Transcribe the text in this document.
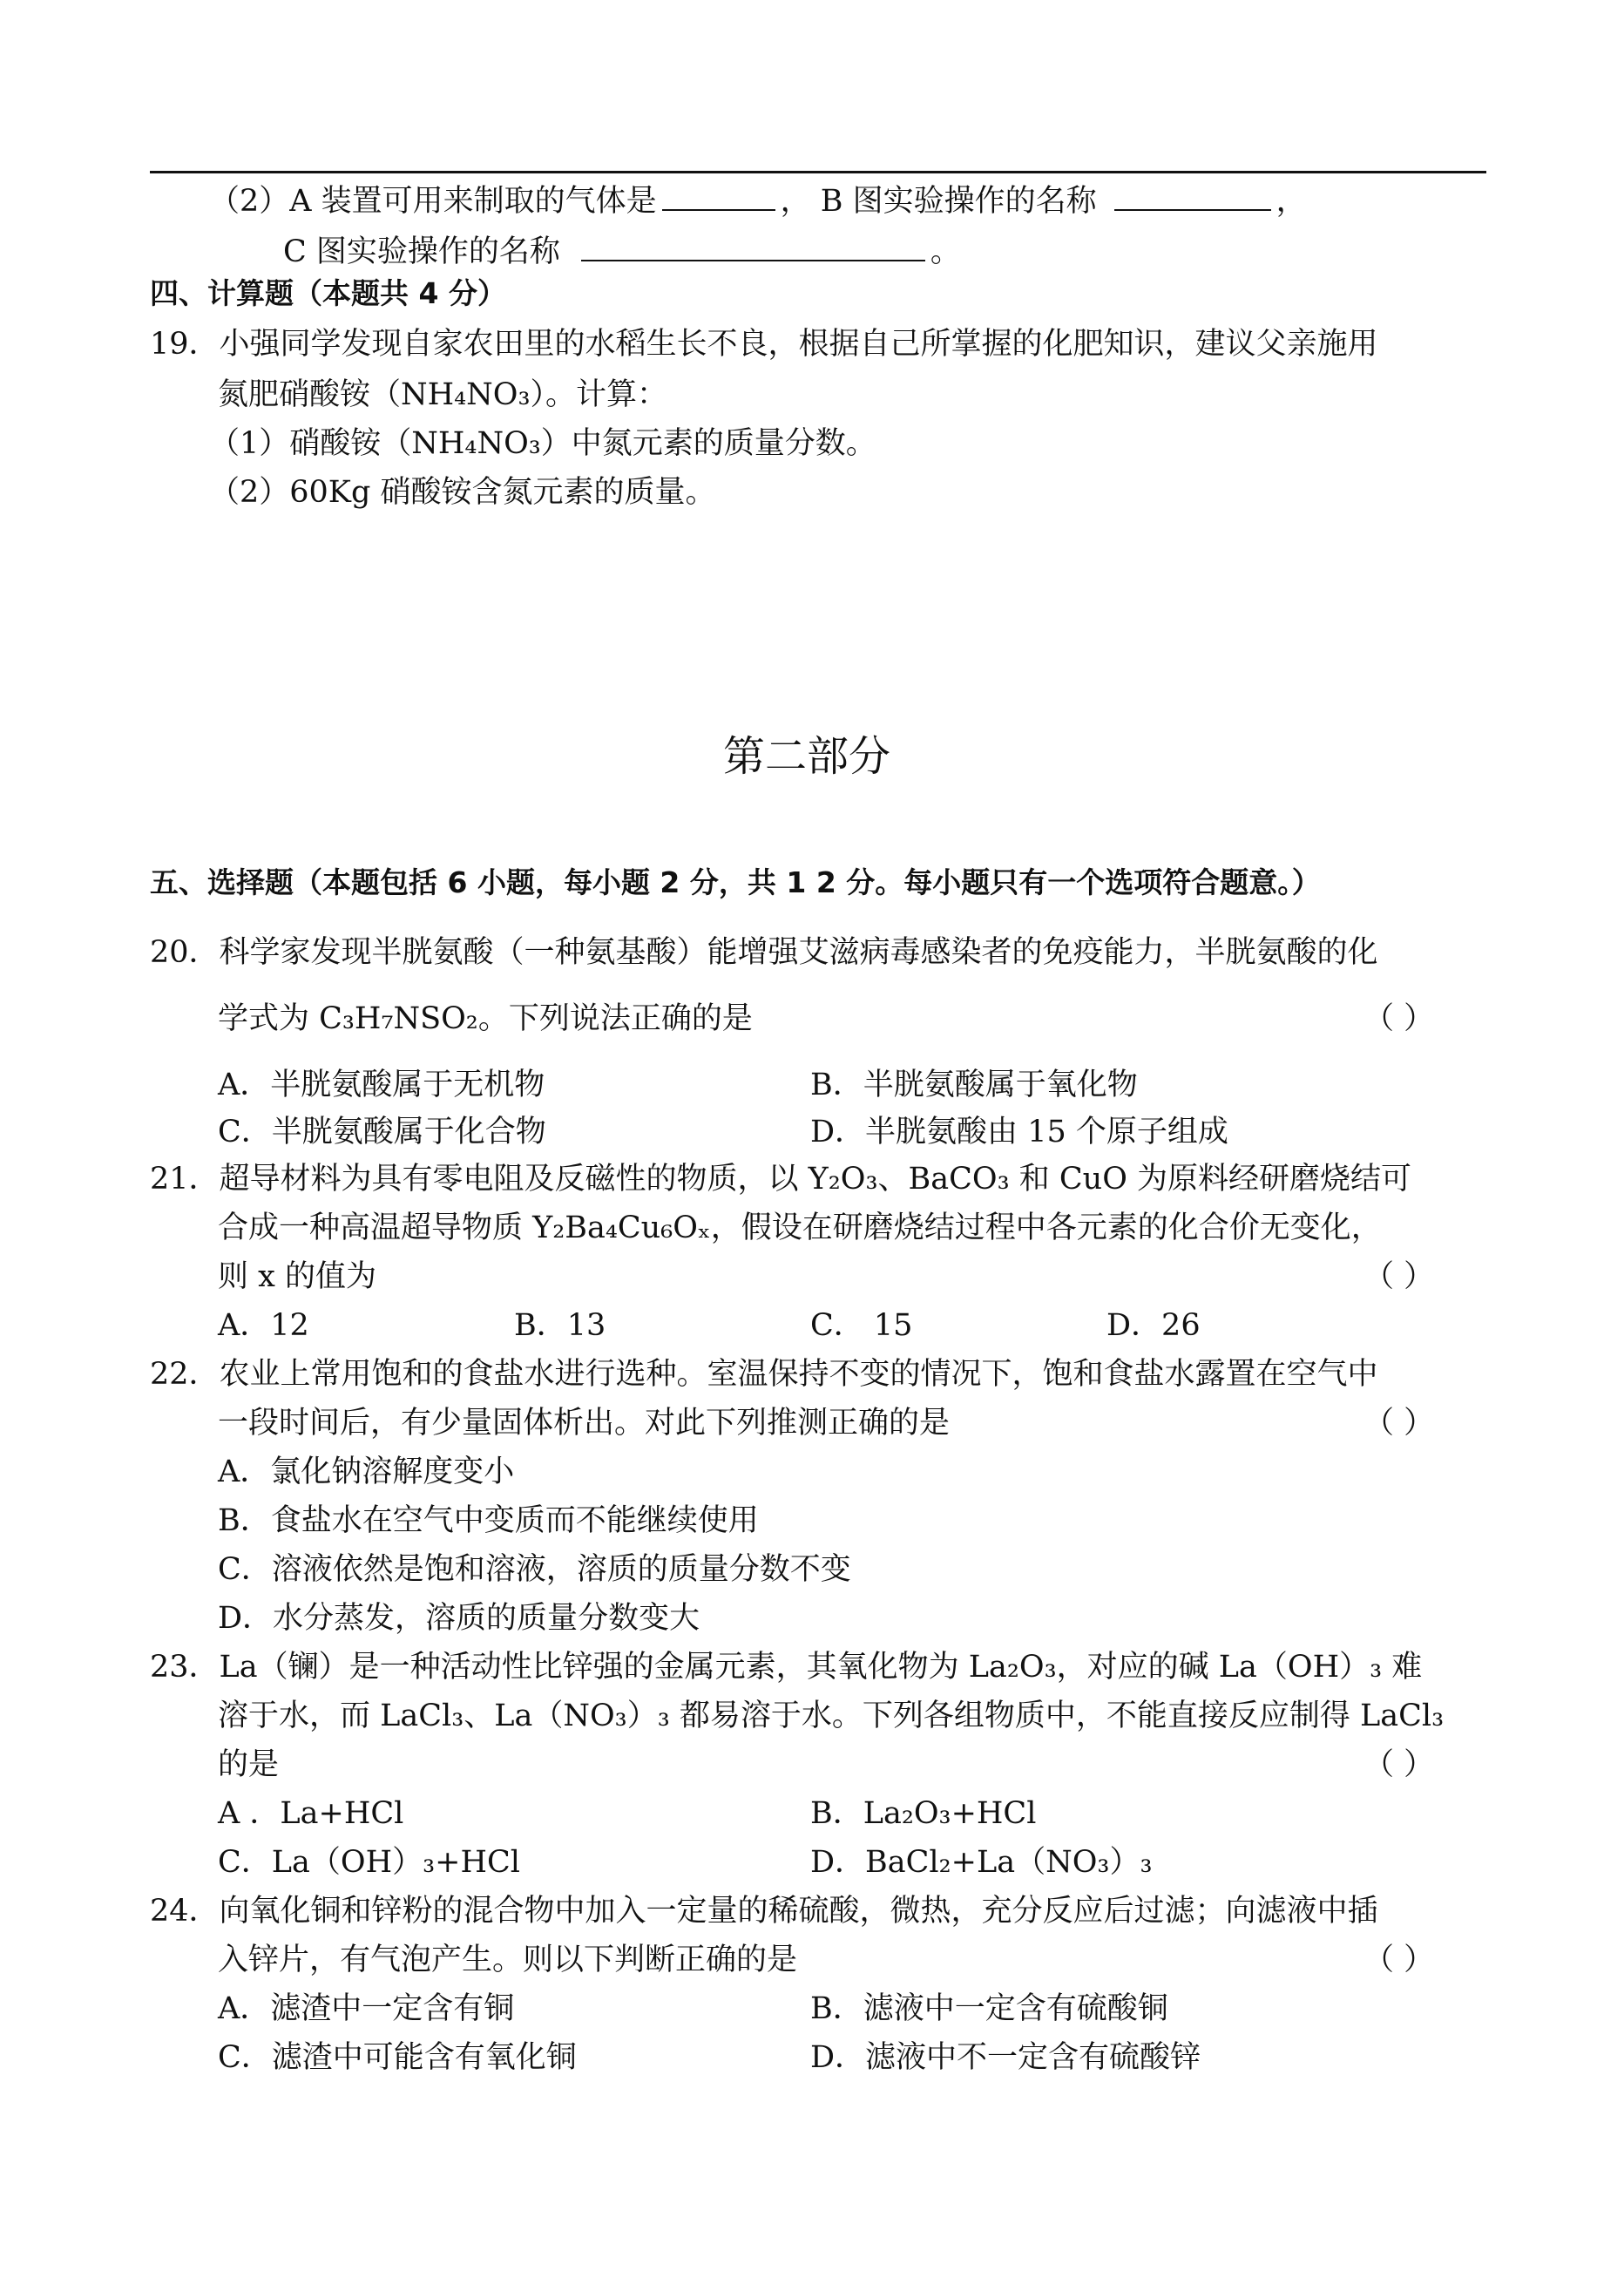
（2）A 装置可用来制取的气体是	， B 图实验操作的名称	，
C 图实验操作的名称	。
四、计算题（本题共 4 分）
19．小强同学发现自家农田里的水稻生长不良，根据自己所掌握的化肥知识，建议父亲施用
氮肥硝酸铵（NH₄NO₃）。计算：
（1）硝酸铵（NH₄NO₃）中氮元素的质量分数。
（2）60Kg 硝酸铵含氮元素的质量。
第二部分
五、选择题（本题包括 6 小题，每小题 2 分，共 1 2 分。每小题只有一个选项符合题意。）
20．科学家发现半胱氨酸（一种氨基酸）能增强艾滋病毒感染者的免疫能力，半胱氨酸的化
学式为 C₃H₇NSO₂。下列说法正确的是	（ ）
A．半胱氨酸属于无机物	B．半胱氨酸属于氧化物
C．半胱氨酸属于化合物	D．半胱氨酸由 15 个原子组成
21．超导材料为具有零电阻及反磁性的物质，以 Y₂O₃、BaCO₃ 和 CuO 为原料经研磨烧结可
合成一种高温超导物质 Y₂Ba₄Cu₆Oₓ，假设在研磨烧结过程中各元素的化合价无变化，
则 x 的值为	（ ）
A．12	B．13	C． 15	D．26
22．农业上常用饱和的食盐水进行选种。室温保持不变的情况下，饱和食盐水露置在空气中
一段时间后，有少量固体析出。对此下列推测正确的是	（ ）
A．氯化钠溶解度变小
B．食盐水在空气中变质而不能继续使用
C．溶液依然是饱和溶液，溶质的质量分数不变
D．水分蒸发，溶质的质量分数变大
23．La（镧）是一种活动性比锌强的金属元素，其氧化物为 La₂O₃，对应的碱 La（OH）₃ 难
溶于水，而 LaCl₃、La（NO₃）₃ 都易溶于水。下列各组物质中，不能直接反应制得 LaCl₃
的是	（ ）
A ．La+HCl	B．La₂O₃+HCl
C．La（OH）₃+HCl	D．BaCl₂+La（NO₃）₃
24．向氧化铜和锌粉的混合物中加入一定量的稀硫酸，微热，充分反应后过滤；向滤液中插
入锌片，有气泡产生。则以下判断正确的是	（ ）
A．滤渣中一定含有铜	B．滤液中一定含有硫酸铜
C．滤渣中可能含有氧化铜	D．滤液中不一定含有硫酸锌
